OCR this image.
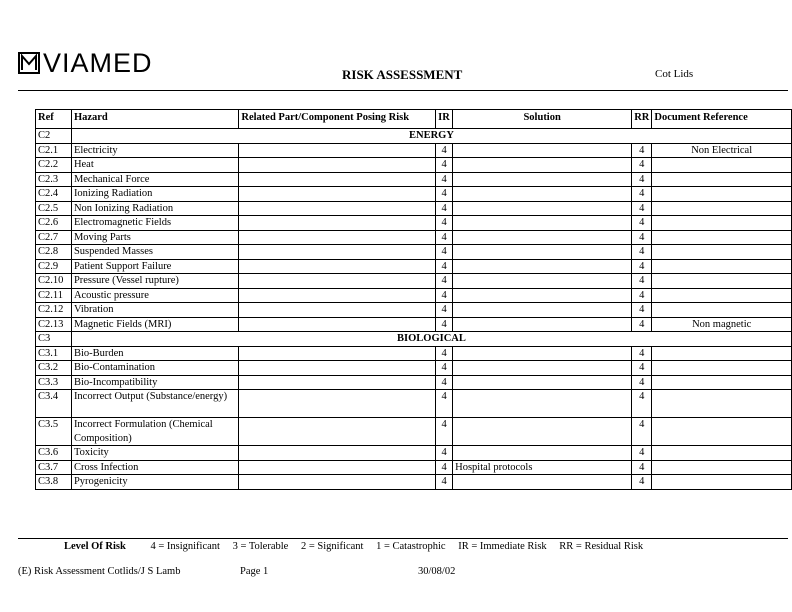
VIAMED	RISK ASSESSMENT	Cot Lids
Ref	Hazard	Related Part/Component Posing Risk	IR	Solution	RR	Document Reference
C2	ENERGY					
C2.1	Electricity		4		4	Non Electrical
C2.2	Heat		4		4	
C2.3	Mechanical Force		4		4	
C2.4	Ionizing Radiation		4		4	
C2.5	Non Ionizing Radiation		4		4	
C2.6	Electromagnetic Fields		4		4	
C2.7	Moving Parts		4		4	
C2.8	Suspended Masses		4		4	
C2.9	Patient Support Failure		4		4	
C2.10	Pressure (Vessel rupture)		4		4	
C2.11	Acoustic pressure		4		4	
C2.12	Vibration		4		4	
C2.13	Magnetic Fields (MRI)		4		4	Non magnetic
C3	BIOLOGICAL					
C3.1	Bio-Burden		4		4	
C3.2	Bio-Contamination		4		4	
C3.3	Bio-Incompatibility		4		4	
C3.4	Incorrect Output (Substance/energy)		4		4	
C3.5	Incorrect Formulation (Chemical Composition)		4		4	
C3.6	Toxicity		4		4	
C3.7	Cross Infection		4	Hospital protocols	4	
C3.8	Pyrogenicity		4		4	
Level Of Risk 4 = Insignificant 3 = Tolerable 2 = Significant 1 = Catastrophic IR = Immediate Risk RR = Residual Risk
(E) Risk Assessment Cotlids/J S Lamb	Page 1	30/08/02
